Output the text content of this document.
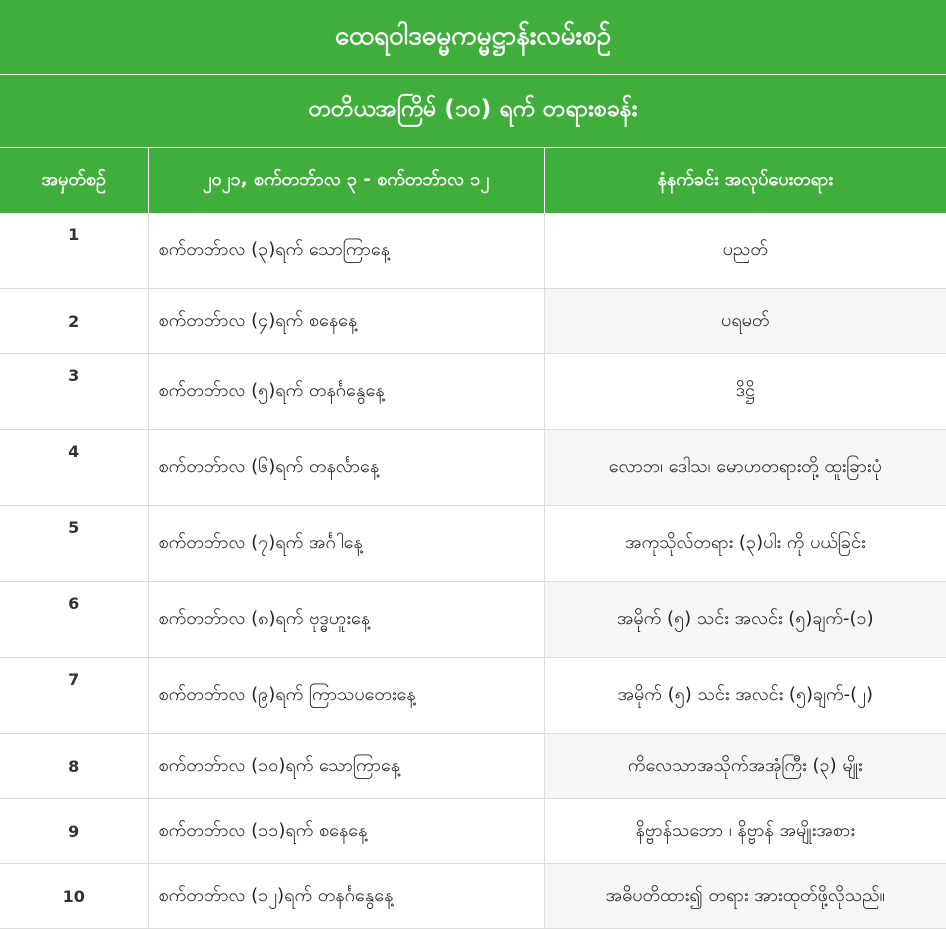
ထေရဝါဒဓမ္မကမ္မဋ္ဌာန်းလမ်းစဉ်		
တတိယအကြိမ် (၁၀) ရက် တရားစခန်း		
အမှတ်စဉ်	၂၀၂၁, စက်တဘ်ာလ ၃ - စက်တဘ်ာလ ၁၂	နံနက်ခင်း အလုပ်ပေးတရား
1	စက်တဘ်ာလ (၃)ရက် သောကြာနေ့	ပညတ်
2	စက်တဘ်ာလ (၄)ရက် စနေနေ့	ပရမတ်
3	စက်တဘ်ာလ (၅)ရက် တနင်္ဂနွေနေ့	ဒိဋ္ဌိ
4	စက်တဘ်ာလ (၆)ရက် တနင်္လာနေ့	လောဘ၊ ဒေါသ၊ မောဟတရားတို့ ထူးခြားပုံ
5	စက်တဘ်ာလ (၇)ရက် အင်္ဂါနေ့	အကုသိုလ်တရား (၃)ပါး ကို ပယ်ခြင်း
6	စက်တဘ်ာလ (၈)ရက် ဗုဒ္ဓဟူးနေ့	အမိုက် (၅) သင်း အလင်း (၅)ချက်-(၁)
7	စက်တဘ်ာလ (၉)ရက် ကြာသပတေးနေ့	အမိုက် (၅) သင်း အလင်း (၅)ချက်-(၂)
8	စက်တဘ်ာလ (၁၀)ရက် သောကြာနေ့	ကိလေသာအသိုက်အအုံကြီး (၃) မျိုး
9	စက်တဘ်ာလ (၁၁)ရက် စနေနေ့	နိဗ္ဗာန်သဘော ၊ နိဗ္ဗာန် အမျိုးအစား
10	စက်တဘ်ာလ (၁၂)ရက် တနင်္ဂနွေနေ့	အဓိပတိထား၍ တရား အားထုတ်ဖို့လိုသည်။
